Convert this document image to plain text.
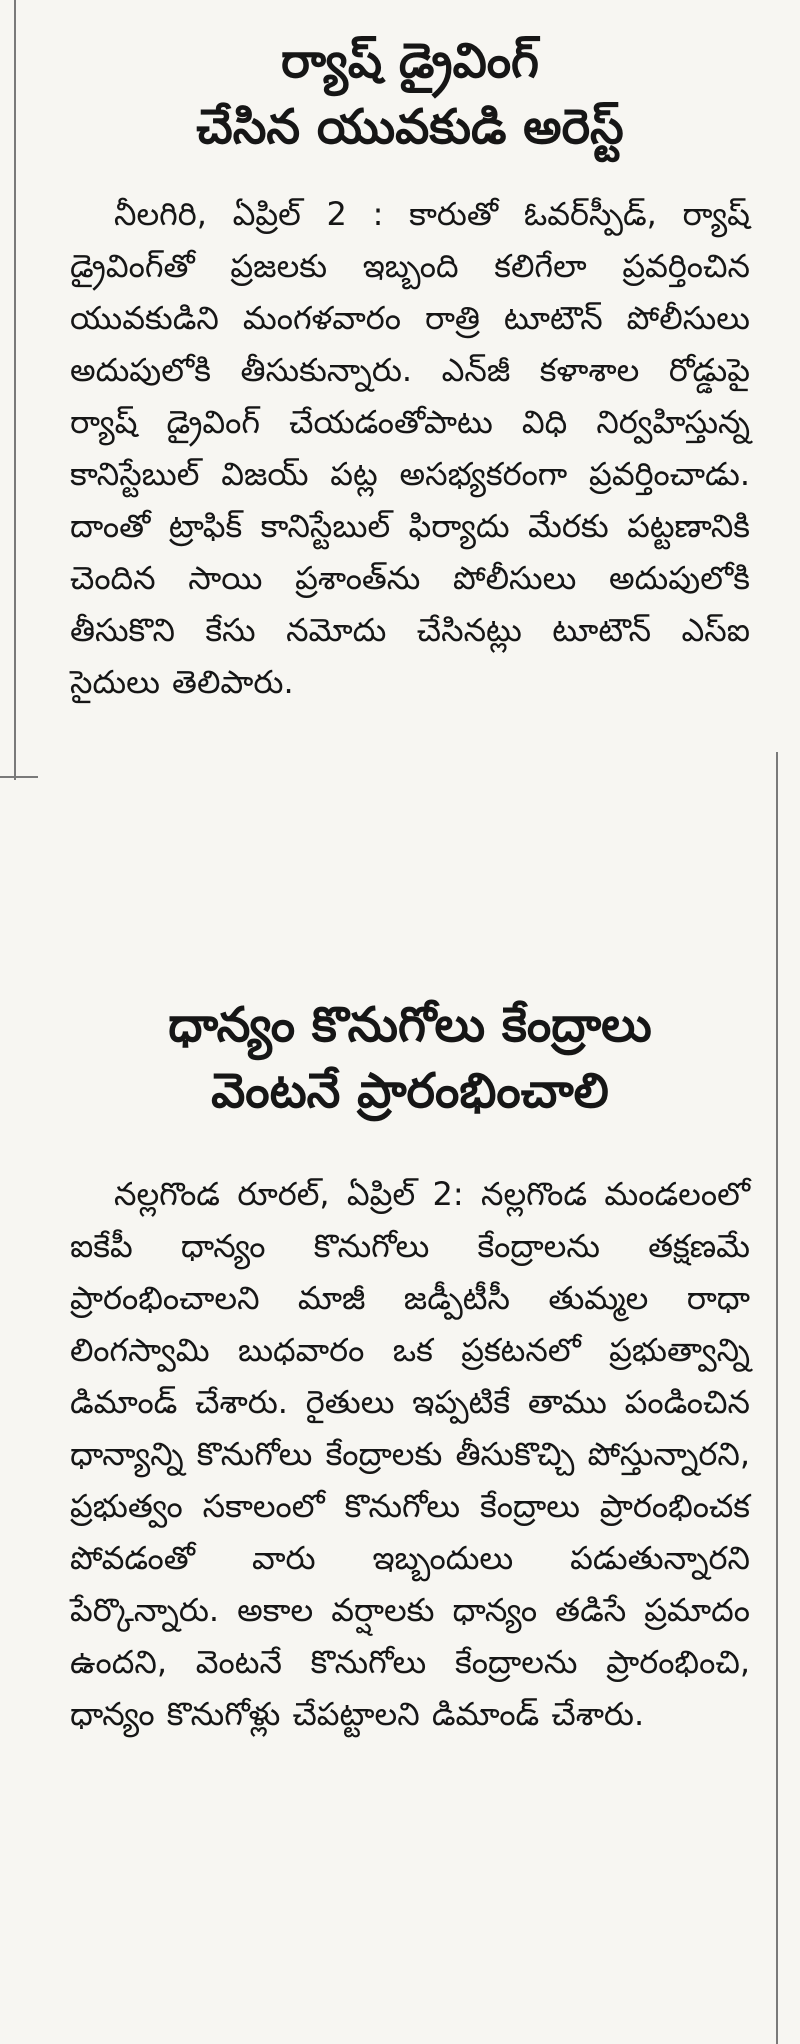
ర్యాష్ డ్రైవింగ్
చేసిన యువకుడి అరెస్ట్

నీలగిరి, ఏప్రిల్ 2 : కారుతో ఓవర్‌స్పీడ్, ర్యాష్ డ్రైవింగ్‌తో ప్రజలకు ఇబ్బంది కలిగేలా ప్రవర్తించిన యువకుడిని మంగళవారం రాత్రి టూటౌన్ పోలీసులు అదుపులోకి తీసుకున్నారు. ఎన్‌జీ కళాశాల రోడ్డుపై ర్యాష్ డ్రైవింగ్ చేయడంతోపాటు విధి నిర్వహిస్తున్న కానిస్టేబుల్ విజయ్ పట్ల అసభ్యకరంగా ప్రవర్తించాడు. దాంతో ట్రాఫిక్ కానిస్టేబుల్ ఫిర్యాదు మేరకు పట్టణానికి చెందిన సాయి ప్రశాంత్‌ను పోలీసులు అదుపులోకి తీసుకొని కేసు నమోదు చేసినట్లు టూటౌన్ ఎస్‌ఐ సైదులు తెలిపారు.

ధాన్యం కొనుగోలు కేంద్రాలు
వెంటనే ప్రారంభించాలి

నల్లగొండ రూరల్, ఏప్రిల్ 2: నల్లగొండ మండలంలో ఐకేపీ ధాన్యం కొనుగోలు కేంద్రాలను తక్షణమే ప్రారంభించాలని మాజీ జడ్పీటీసీ తుమ్మల రాధా లింగస్వామి బుధవారం ఒక ప్రకటనలో ప్రభుత్వాన్ని డిమాండ్ చేశారు. రైతులు ఇప్పటికే తాము పండించిన ధాన్యాన్ని కొనుగోలు కేంద్రాలకు తీసుకొచ్చి పోస్తున్నారని, ప్రభుత్వం సకాలంలో కొనుగోలు కేంద్రాలు ప్రారంభించక పోవడంతో వారు ఇబ్బందులు పడుతున్నారని పేర్కొన్నారు. అకాల వర్షాలకు ధాన్యం తడిసే ప్రమాదం ఉందని, వెంటనే కొనుగోలు కేంద్రాలను ప్రారంభించి, ధాన్యం కొనుగోళ్లు చేపట్టాలని డిమాండ్ చేశారు.
